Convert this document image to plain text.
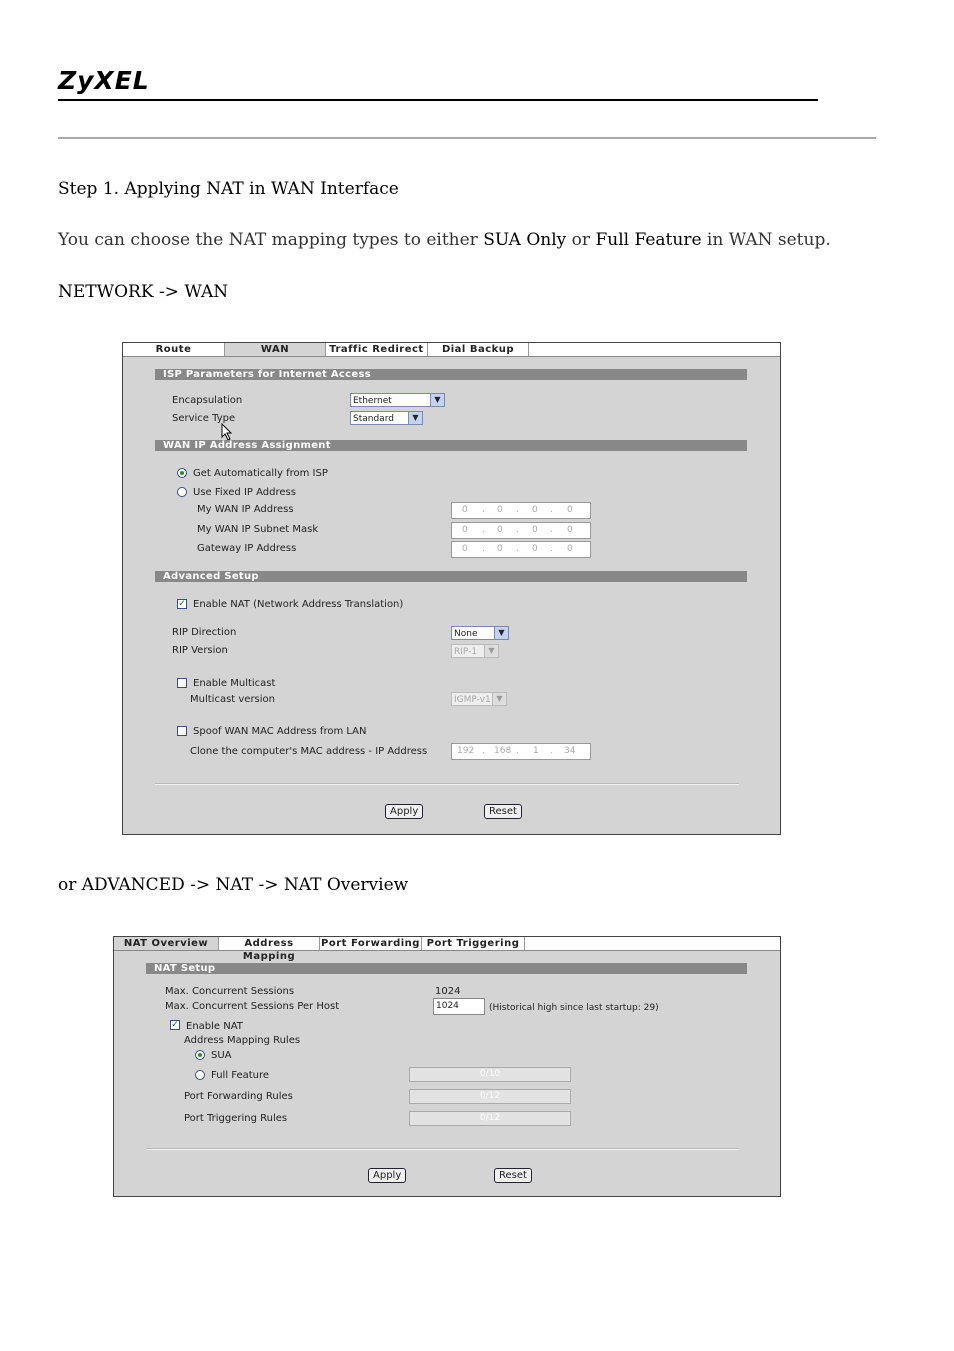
ZyXEL
Step 1. Applying NAT in WAN Interface
You can choose the NAT mapping types to either SUA Only or Full Feature in WAN setup.
NETWORK -> WAN
Route	WAN	Traffic Redirect	Dial Backup
ISP Parameters for Internet Access
Encapsulation	Ethernet	▼
Service Type	Standard	▼
WAN IP Address Assignment
Get Automatically from ISP
Use Fixed IP Address
My WAN IP Address	0 . 0 . 0 . 0
My WAN IP Subnet Mask	0 . 0 . 0 . 0
Gateway IP Address	0 . 0 . 0 . 0
Advanced Setup
✓ Enable NAT (Network Address Translation)
RIP Direction	None	▼
RIP Version	RIP-1	▼
Enable Multicast
Multicast version	IGMP-v1 ▼
Spoof WAN MAC Address from LAN
Clone the computer's MAC address - IP Address	192 . 168 . 1 . 34
Apply	Reset
or ADVANCED -> NAT -> NAT Overview
NAT Overview	Address Mapping
Port Forwarding Port Triggering
NAT Setup
Max. Concurrent Sessions	1024
Max. Concurrent Sessions Per Host	1024	(Historical high since last startup: 29)
✓ Enable NAT
Address Mapping Rules
SUA
Full Feature	0/10
Port Forwarding Rules	0/12
Port Triggering Rules	0/12
Apply	Reset
